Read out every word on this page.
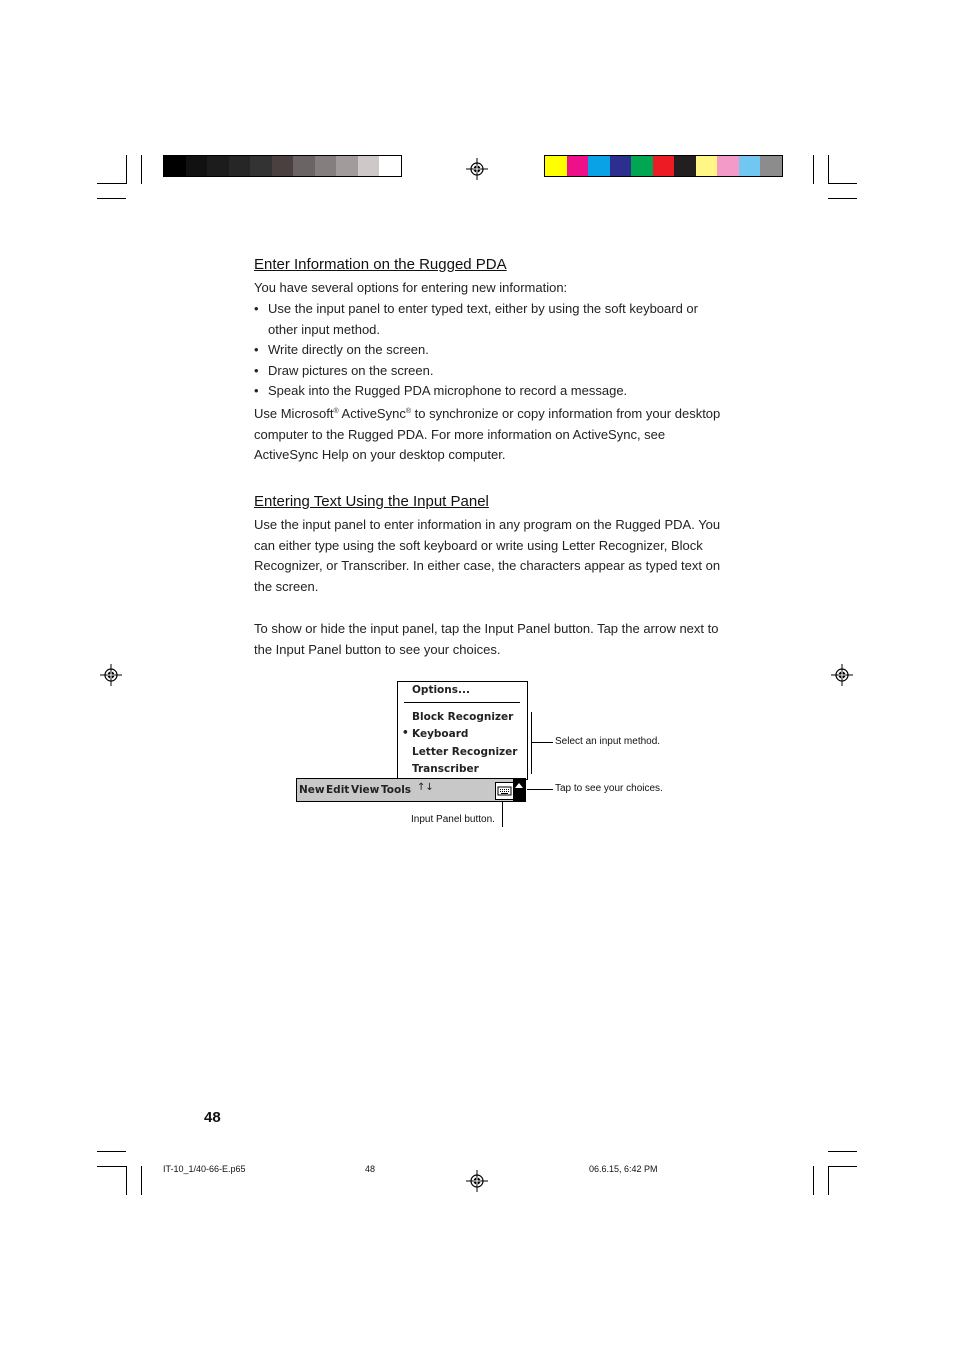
Enter Information on the Rugged PDA

You have several options for entering new information:

• Use the input panel to enter typed text, either by using the soft keyboard or
other input method.
• Write directly on the screen.
• Draw pictures on the screen.
• Speak into the Rugged PDA microphone to record a message.

Use Microsoft® ActiveSync® to synchronize or copy information from your desktop
computer to the Rugged PDA. For more information on ActiveSync, see
ActiveSync Help on your desktop computer.

Entering Text Using the Input Panel

Use the input panel to enter information in any program on the Rugged PDA. You
can either type using the soft keyboard or write using Letter Recognizer, Block
Recognizer, or Transcriber. In either case, the characters appear as typed text on
the screen.

To show or hide the input panel, tap the Input Panel button. Tap the arrow next to
the Input Panel button to see your choices.

Options...
Block Recognizer
• Keyboard
Letter Recognizer
Transcriber
New Edit View Tools ↑↓
Select an input method.
Tap to see your choices.
Input Panel button.
48
IT-10_1/40-66-E.p65	48	06.6.15, 6:42 PM
